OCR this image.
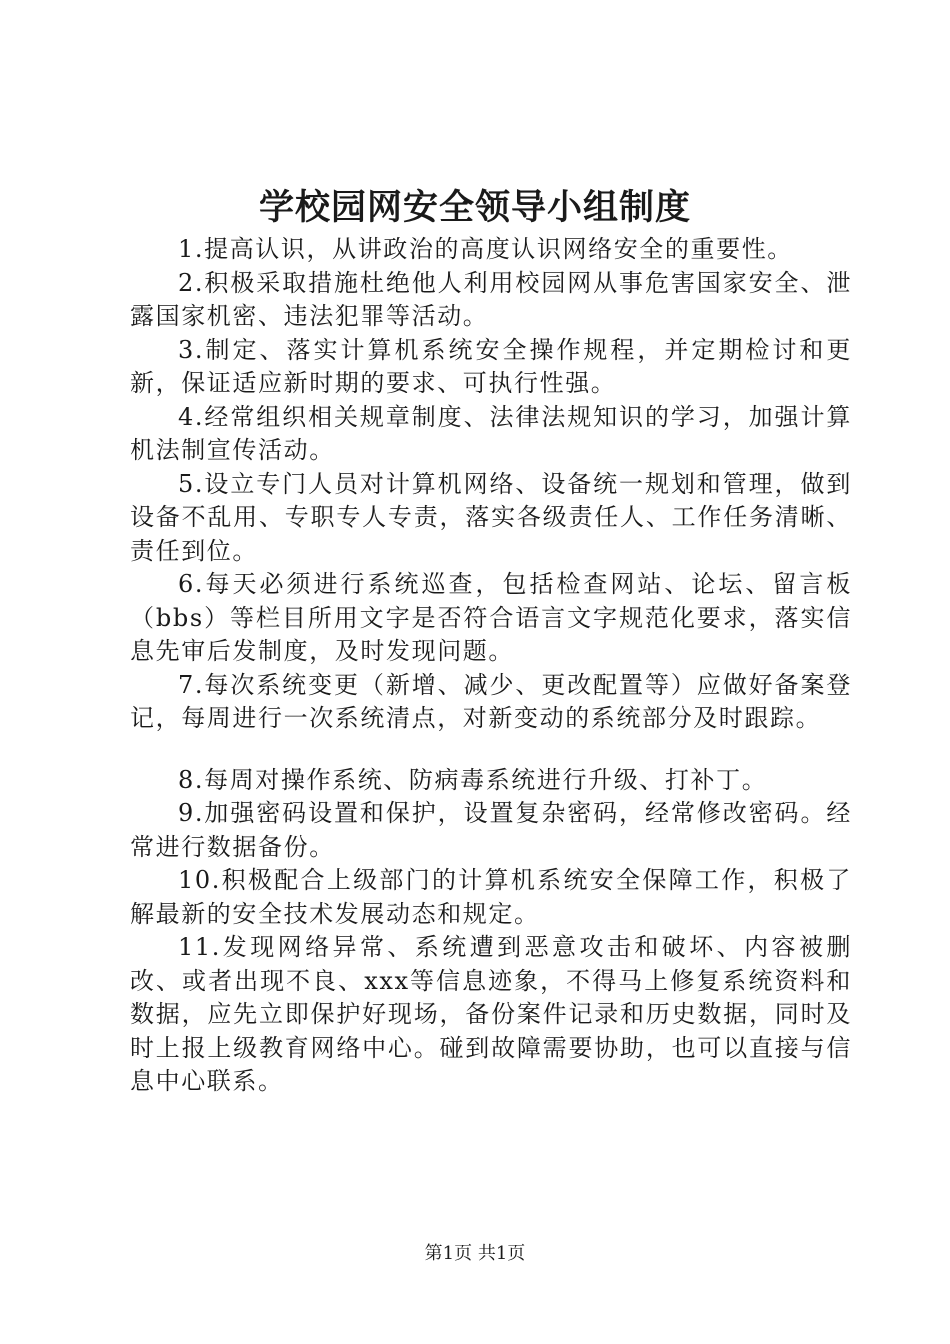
学校园网安全领导小组制度

1.提高认识，从讲政治的高度认识网络安全的重要性。

2.积极采取措施杜绝他人利用校园网从事危害国家安全、泄露国家机密、违法犯罪等活动。

3.制定、落实计算机系统安全操作规程，并定期检讨和更新，保证适应新时期的要求、可执行性强。

4.经常组织相关规章制度、法律法规知识的学习，加强计算机法制宣传活动。

5.设立专门人员对计算机网络、设备统一规划和管理，做到设备不乱用、专职专人专责，落实各级责任人、工作任务清晰、责任到位。

6.每天必须进行系统巡查，包括检查网站、论坛、留言板（bbs）等栏目所用文字是否符合语言文字规范化要求，落实信息先审后发制度，及时发现问题。

7.每次系统变更（新增、减少、更改配置等）应做好备案登记，每周进行一次系统清点，对新变动的系统部分及时跟踪。

8.每周对操作系统、防病毒系统进行升级、打补丁。

9.加强密码设置和保护，设置复杂密码，经常修改密码。经常进行数据备份。

10.积极配合上级部门的计算机系统安全保障工作，积极了解最新的安全技术发展动态和规定。

11.发现网络异常、系统遭到恶意攻击和破坏、内容被删改、或者出现不良、xxx等信息迹象，不得马上修复系统资料和数据，应先立即保护好现场，备份案件记录和历史数据，同时及时上报上级教育网络中心。碰到故障需要协助，也可以直接与信息中心联系。

第1页 共1页
